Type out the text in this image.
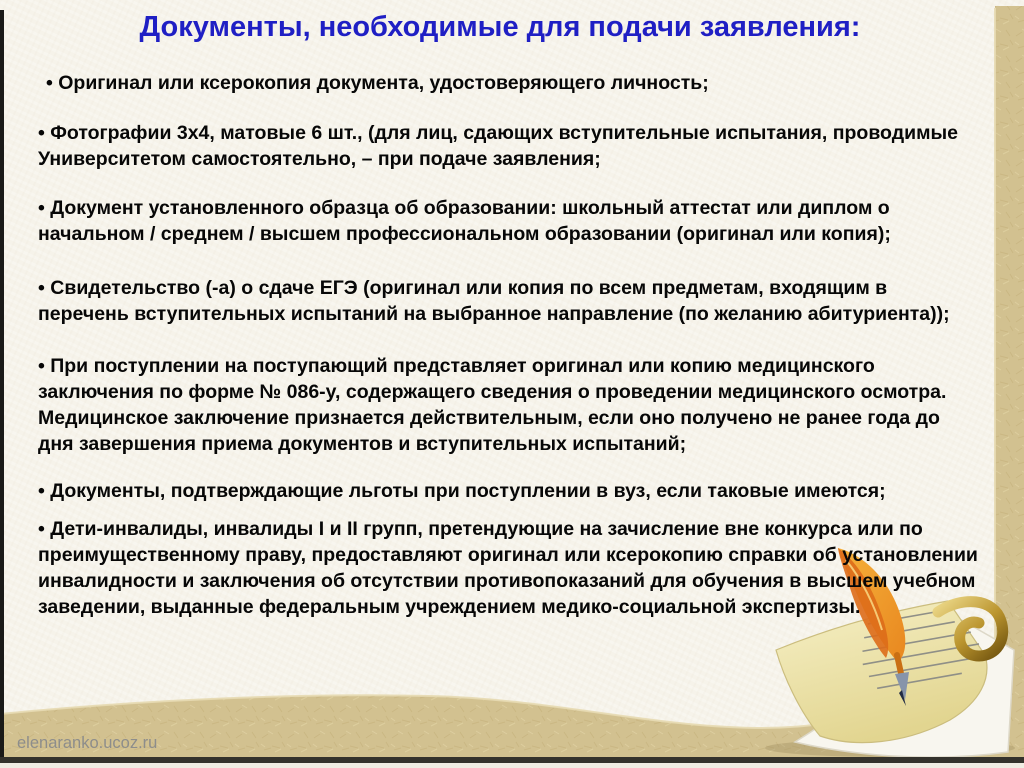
Документы, необходимые для подачи заявления:

• Оригинал или ксерокопия документа, удостоверяющего личность;

• Фотографии 3х4, матовые 6 шт., (для лиц, сдающих вступительные испытания, проводимые Университетом самостоятельно, – при подаче заявления;

• Документ установленного образца об образовании: школьный аттестат или диплом о начальном / среднем / высшем профессиональном образовании (оригинал или копия);

• Свидетельство (-а) о сдаче ЕГЭ (оригинал или копия по всем предметам, входящим в перечень вступительных испытаний на выбранное направление (по желанию абитуриента));

• При поступлении на поступающий представляет оригинал или копию медицинского заключения по форме № 086-у, содержащего сведения о проведении медицинского осмотра. Медицинское заключение признается действительным, если оно получено не ранее года до дня завершения приема документов и вступительных испытаний;

• Документы, подтверждающие льготы при поступлении в вуз, если таковые имеются;

• Дети-инвалиды, инвалиды I и II групп, претендующие на зачисление вне конкурса или по преимущественному праву, предоставляют оригинал или ксерокопию справки об установлении инвалидности и заключения об отсутствии противопоказаний для обучения в высшем учебном заведении, выданные федеральным учреждением медико-социальной экспертизы.

elenaranko.ucoz.ru
